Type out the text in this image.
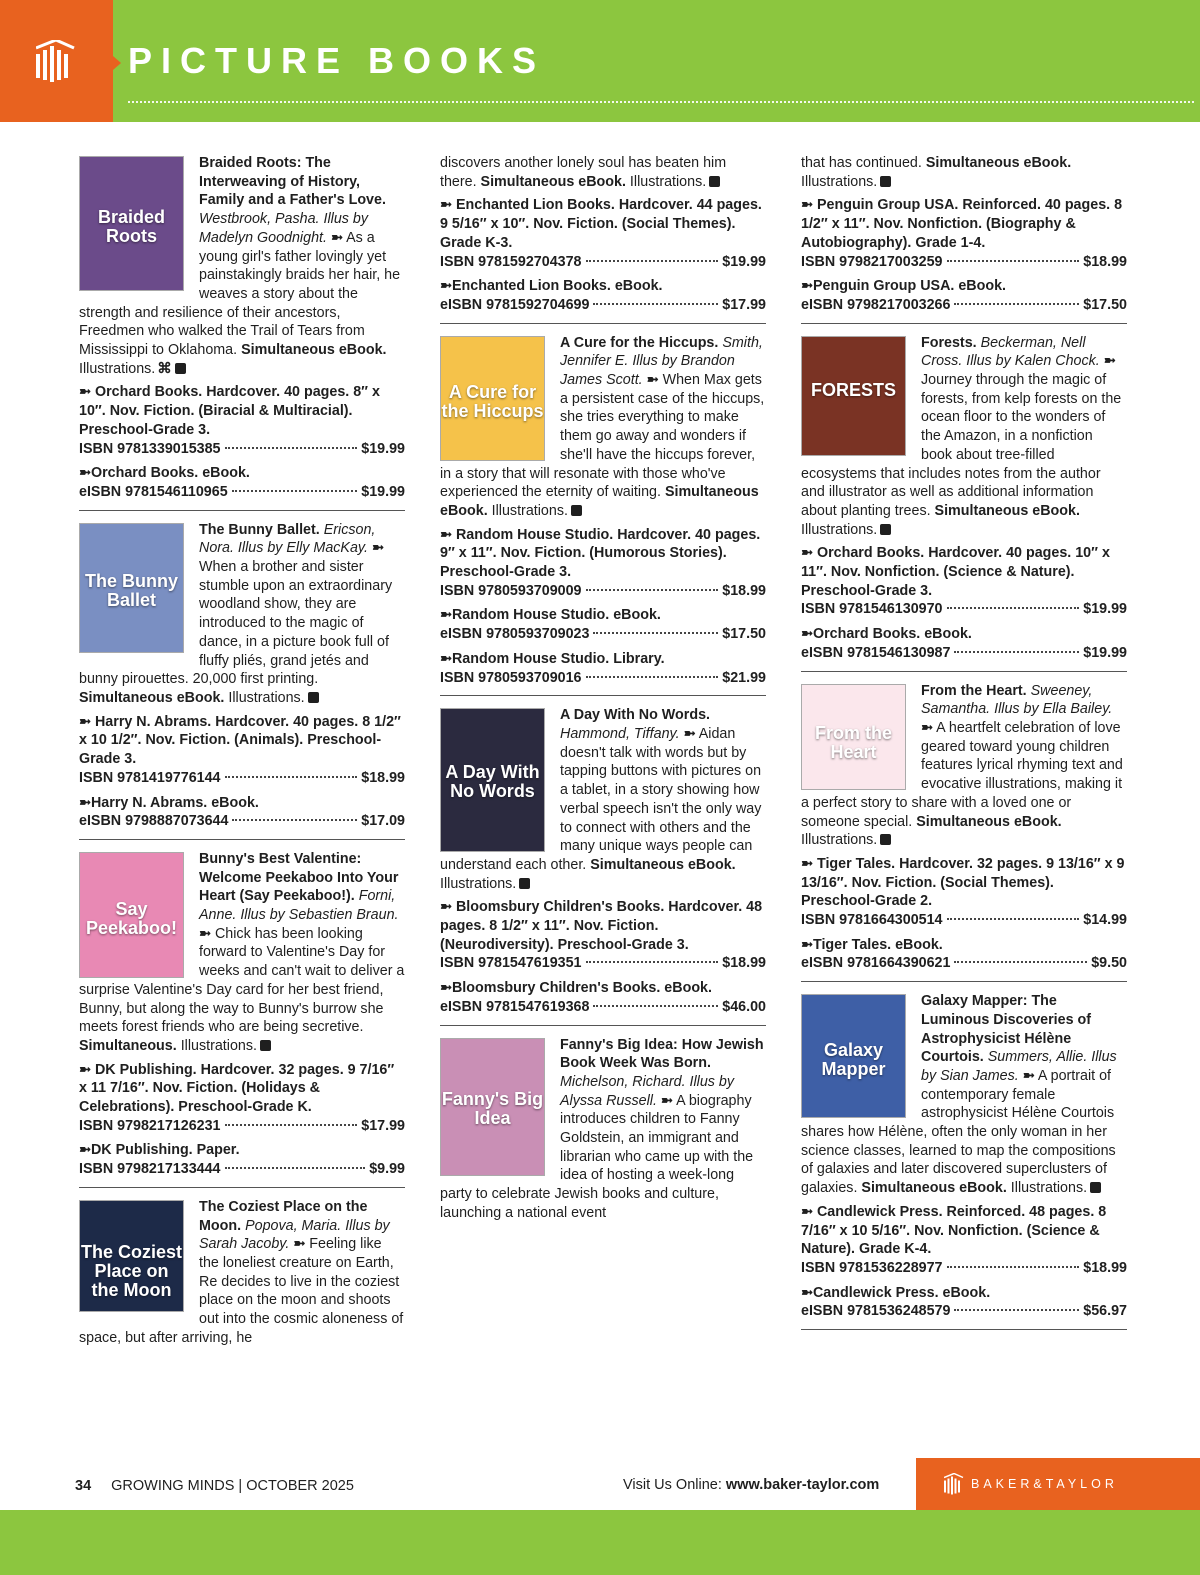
PICTURE BOOKS
Braided Roots

Braided Roots: The Interweaving of History, Family and a Father's Love. Westbrook, Pasha. Illus by Madelyn Goodnight. ➼ As a young girl's father lovingly yet painstakingly braids her hair, he weaves a story about the strength and resilience of their ancestors, Freedmen who walked the Trail of Tears from Mississippi to Oklahoma. Simultaneous eBook. Illustrations. ⌘

➼ Orchard Books. Hardcover. 40 pages. 8″ x 10″. Nov. Fiction. (Biracial & Multiracial). Preschool-Grade 3.
ISBN 9781339015385	$19.99
➼Orchard Books. eBook.
eISBN 9781546110965	$19.99
The Bunny Ballet

The Bunny Ballet. Ericson, Nora. Illus by Elly MacKay. ➼ When a brother and sister stumble upon an extraordinary woodland show, they are introduced to the magic of dance, in a picture book full of fluffy pliés, grand jetés and bunny pirouettes. 20,000 first printing. Simultaneous eBook. Illustrations.

➼ Harry N. Abrams. Hardcover. 40 pages. 8 1/2″ x 10 1/2″. Nov. Fiction. (Animals). Preschool-Grade 3.
ISBN 9781419776144	$18.99
➼Harry N. Abrams. eBook.
eISBN 9798887073644	$17.09
Say Peekaboo!

Bunny's Best Valentine: Welcome Peekaboo Into Your Heart (Say Peekaboo!). Forni, Anne. Illus by Sebastien Braun. ➼ Chick has been looking forward to Valentine's Day for weeks and can't wait to deliver a surprise Valentine's Day card for her best friend, Bunny, but along the way to Bunny's burrow she meets forest friends who are being secretive. Simultaneous. Illustrations.

➼ DK Publishing. Hardcover. 32 pages. 9 7/16″ x 11 7/16″. Nov. Fiction. (Holidays & Celebrations). Preschool-Grade K.
ISBN 9798217126231	$17.99
➼DK Publishing. Paper.
ISBN 9798217133444	$9.99
The Coziest Place on the Moon

The Coziest Place on the Moon. Popova, Maria. Illus by Sarah Jacoby. ➼ Feeling like the loneliest creature on Earth, Re decides to live in the coziest place on the moon and shoots out into the cosmic aloneness of space, but after arriving, he

discovers another lonely soul has beaten him there. Simultaneous eBook. Illustrations.

➼ Enchanted Lion Books. Hardcover. 44 pages. 9 5/16″ x 10″. Nov. Fiction. (Social Themes). Grade K-3.
ISBN 9781592704378	$19.99
➼Enchanted Lion Books. eBook.
eISBN 9781592704699	$17.99
A Cure for the Hiccups

A Cure for the Hiccups. Smith, Jennifer E. Illus by Brandon James Scott. ➼ When Max gets a persistent case of the hiccups, she tries everything to make them go away and wonders if she'll have the hiccups forever, in a story that will resonate with those who've experienced the eternity of waiting. Simultaneous eBook. Illustrations.

➼ Random House Studio. Hardcover. 40 pages. 9″ x 11″. Nov. Fiction. (Humorous Stories). Preschool-Grade 3.
ISBN 9780593709009	$18.99
➼Random House Studio. eBook.
eISBN 9780593709023	$17.50
➼Random House Studio. Library.
ISBN 9780593709016	$21.99
A Day With No Words

A Day With No Words. Hammond, Tiffany. ➼ Aidan doesn't talk with words but by tapping buttons with pictures on a tablet, in a story showing how verbal speech isn't the only way to connect with others and the many unique ways people can understand each other. Simultaneous eBook. Illustrations.

➼ Bloomsbury Children's Books. Hardcover. 48 pages. 8 1/2″ x 11″. Nov. Fiction. (Neurodiversity). Preschool-Grade 3.
ISBN 9781547619351	$18.99
➼Bloomsbury Children's Books. eBook.
eISBN 9781547619368	$46.00
Fanny's Big Idea

Fanny's Big Idea: How Jewish Book Week Was Born. Michelson, Richard. Illus by Alyssa Russell. ➼ A biography introduces children to Fanny Goldstein, an immigrant and librarian who came up with the idea of hosting a week-long party to celebrate Jewish books and culture, launching a national event

that has continued. Simultaneous eBook. Illustrations.

➼ Penguin Group USA. Reinforced. 40 pages. 8 1/2″ x 11″. Nov. Nonfiction. (Biography & Autobiography). Grade 1-4.
ISBN 9798217003259	$18.99
➼Penguin Group USA. eBook.
eISBN 9798217003266	$17.50
FORESTS

Forests. Beckerman, Nell Cross. Illus by Kalen Chock. ➼ Journey through the magic of forests, from kelp forests on the ocean floor to the wonders of the Amazon, in a nonfiction book about tree-filled ecosystems that includes notes from the author and illustrator as well as additional information about planting trees. Simultaneous eBook. Illustrations.

➼ Orchard Books. Hardcover. 40 pages. 10″ x 11″. Nov. Nonfiction. (Science & Nature). Preschool-Grade 3.
ISBN 9781546130970	$19.99
➼Orchard Books. eBook.
eISBN 9781546130987	$19.99
From the Heart

From the Heart. Sweeney, Samantha. Illus by Ella Bailey. ➼ A heartfelt celebration of love geared toward young children features lyrical rhyming text and evocative illustrations, making it a perfect story to share with a loved one or someone special. Simultaneous eBook. Illustrations.

➼ Tiger Tales. Hardcover. 32 pages. 9 13/16″ x 9 13/16″. Nov. Fiction. (Social Themes). Preschool-Grade 2.
ISBN 9781664300514	$14.99
➼Tiger Tales. eBook.
eISBN 9781664390621	$9.50
Galaxy Mapper

Galaxy Mapper: The Luminous Discoveries of Astrophysicist Hélène Courtois. Summers, Allie. Illus by Sian James. ➼ A portrait of contemporary female astrophysicist Hélène Courtois shares how Hélène, often the only woman in her science classes, learned to map the compositions of galaxies and later discovered superclusters of galaxies. Simultaneous eBook. Illustrations.

➼ Candlewick Press. Reinforced. 48 pages. 8 7/16″ x 10 5/16″. Nov. Nonfiction. (Science & Nature). Grade K-4.
ISBN 9781536228977	$18.99
➼Candlewick Press. eBook.
eISBN 9781536248579	$56.97
34 GROWING MINDS | OCTOBER 2025	Visit Us Online: www.baker-taylor.com	BAKER&TAYLOR
